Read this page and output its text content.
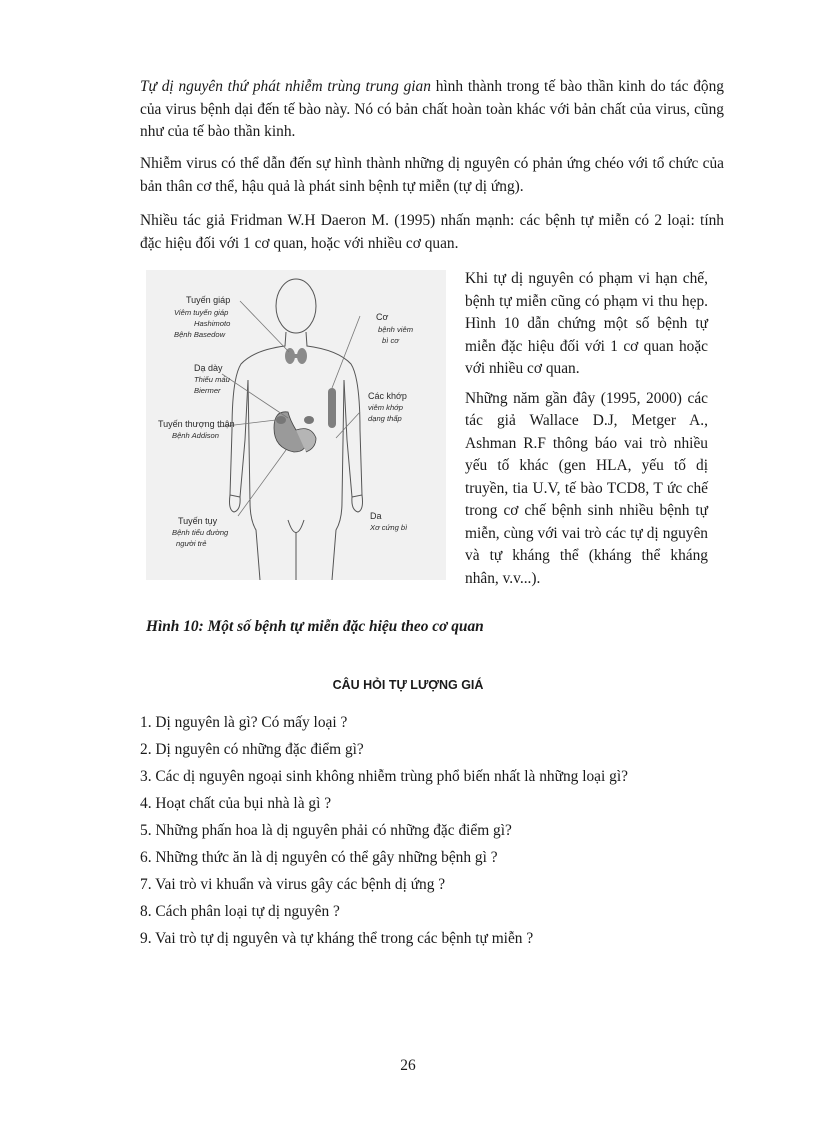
Tự dị nguyên thứ phát nhiễm trùng trung gian hình thành trong tế bào thần kinh do tác động của virus bệnh dại đến tế bào này. Nó có bản chất hoàn toàn khác với bản chất của virus, cũng như của tế bào thần kinh.

Nhiễm virus có thể dẫn đến sự hình thành những dị nguyên có phản ứng chéo với tổ chức của bản thân cơ thể, hậu quả là phát sinh bệnh tự miễn (tự dị ứng).

Nhiều tác giả Fridman W.H Daeron M. (1995) nhấn mạnh: các bệnh tự miễn có 2 loại: tính đặc hiệu đối với 1 cơ quan, hoặc với nhiều cơ quan.

Tuyến giáp
Viêm tuyến giáp
Hashimoto
Bệnh Basedow
Dạ dày
Thiếu máu
Biermer
Tuyến thượng thận
Bệnh Addison
Tuyến tụy
Bệnh tiểu đường
người trẻ
Cơ
bệnh viêm
bì cơ
Các khớp
viêm khớp
dạng thấp
Da
Xơ cứng bì

Khi tự dị nguyên có phạm vi hạn chế, bệnh tự miễn cũng có phạm vi thu hẹp. Hình 10 dẫn chứng một số bệnh tự miễn đặc hiệu đối với 1 cơ quan hoặc với nhiều cơ quan.

Những năm gần đây (1995, 2000) các tác giả Wallace D.J, Metger A., Ashman R.F thông báo vai trò nhiều yếu tố khác (gen HLA, yếu tố dị truyền, tia U.V, tế bào TCD8, T ức chế trong cơ chế bệnh sinh nhiều bệnh tự miễn, cùng với vai trò các tự dị nguyên và tự kháng thể (kháng thể kháng nhân, v.v...).

Hình 10: Một số bệnh tự miễn đặc hiệu theo cơ quan

CÂU HỎI TỰ LƯỢNG GIÁ
1. Dị nguyên là gì? Có mấy loại ?
2. Dị nguyên có những đặc điểm gì?
3. Các dị nguyên ngoại sinh không nhiễm trùng phổ biến nhất là những loại gì?
4. Hoạt chất của bụi nhà là gì ?
5. Những phấn hoa là dị nguyên phải có những đặc điểm gì?
6. Những thức ăn là dị nguyên có thể gây những bệnh gì ?
7. Vai trò vi khuẩn và virus gây các bệnh dị ứng ?
8. Cách phân loại tự dị nguyên ?
9. Vai trò tự dị nguyên và tự kháng thể trong các bệnh tự miễn ?
26
